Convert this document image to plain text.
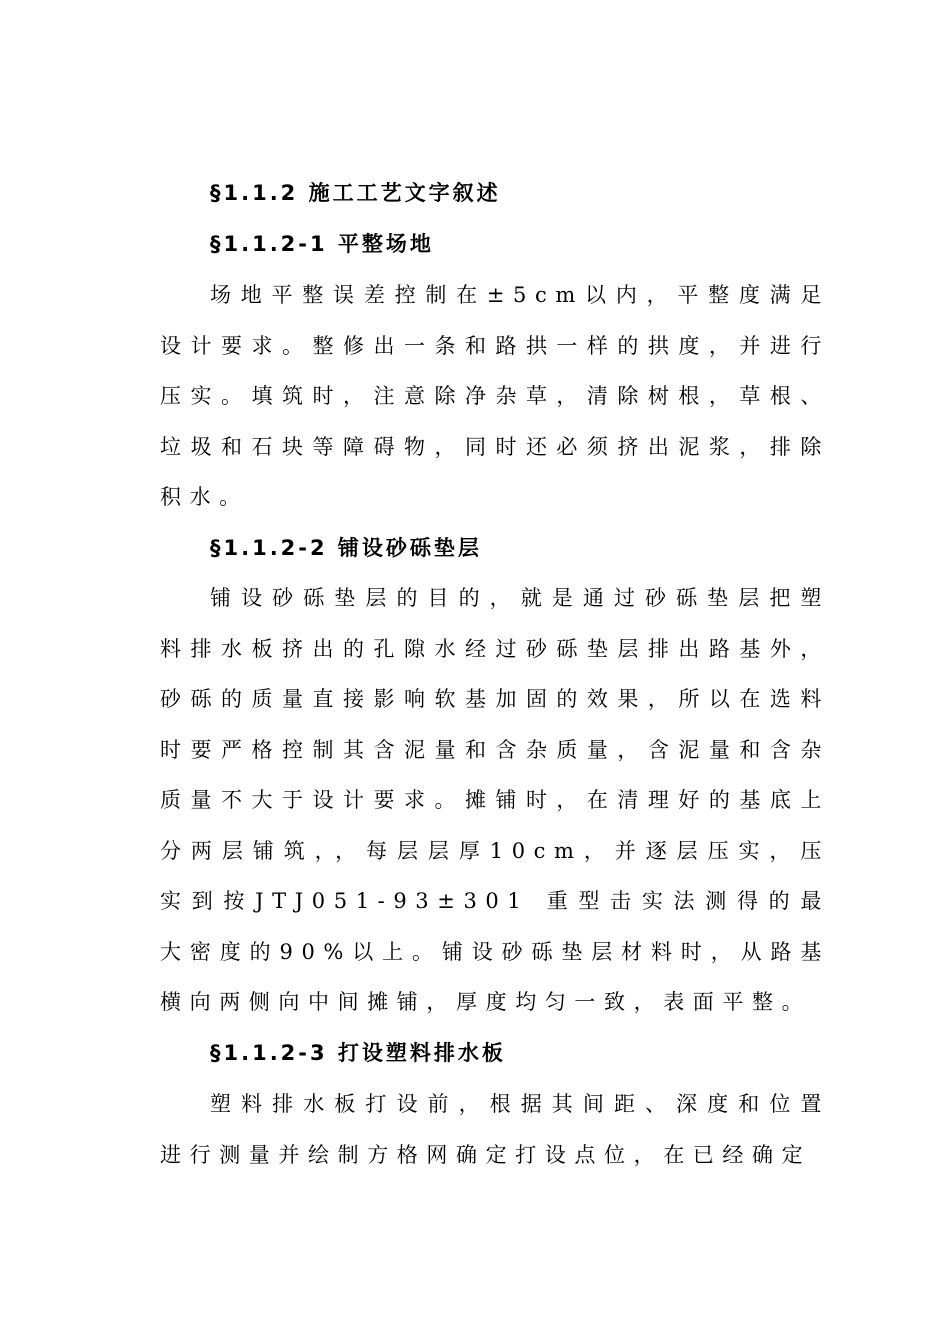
§1.1.2 施工工艺文字叙述
§1.1.2-1 平整场地

场地平整误差控制在±5cm以内，平整度满足设计要求。整修出一条和路拱一样的拱度，并进行压实。填筑时，注意除净杂草，清除树根，草根、垃圾和石块等障碍物，同时还必须挤出泥浆，排除积水。

§1.1.2-2 铺设砂砾垫层

铺设砂砾垫层的目的，就是通过砂砾垫层把塑料排水板挤出的孔隙水经过砂砾垫层排出路基外，砂砾的质量直接影响软基加固的效果，所以在选料时要严格控制其含泥量和含杂质量，含泥量和含杂质量不大于设计要求。摊铺时，在清理好的基底上分两层铺筑，，每层层厚10cm，并逐层压实，压实到按JTJ051-93±301 重型击实法测得的最大密度的90%以上。铺设砂砾垫层材料时，从路基横向两侧向中间摊铺，厚度均匀一致，表面平整。

§1.1.2-3 打设塑料排水板

塑料排水板打设前，根据其间距、深度和位置进行测量并绘制方格网确定打设点位，在已经确定
